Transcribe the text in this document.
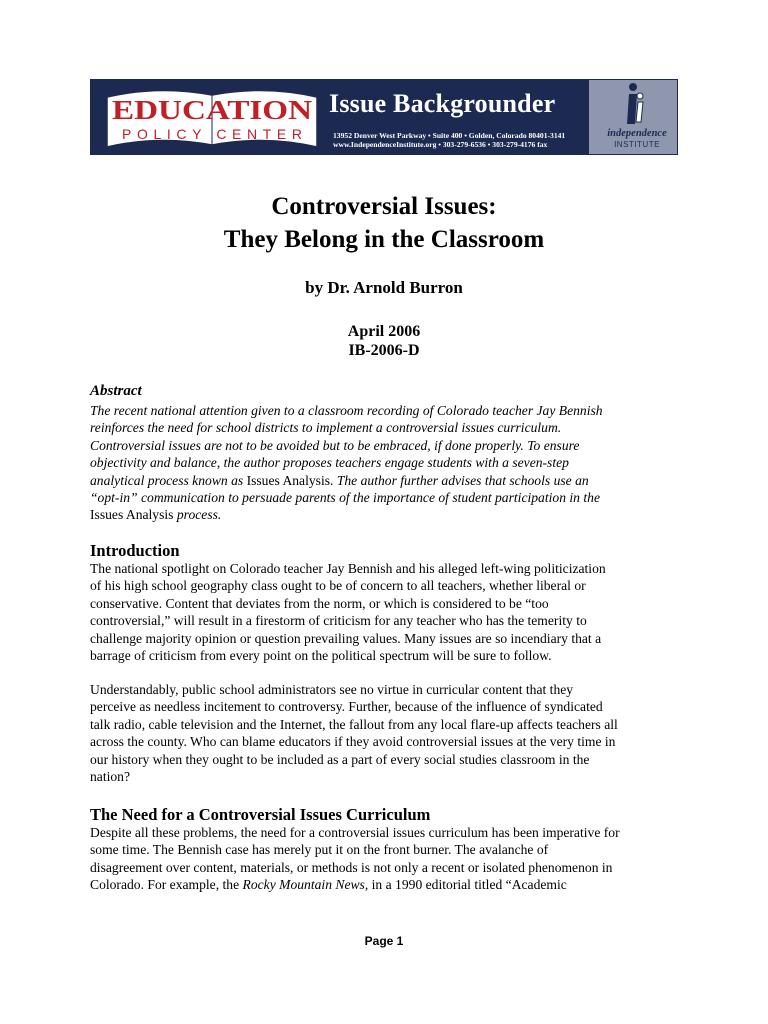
EDUCATION
POLICY CENTER
Issue Backgrounder
13952 Denver West Parkway • Suite 400 • Golden, Colorado 80401-3141
www.IndependenceInstitute.org • 303-279-6536 • 303-279-4176 fax
independence
INSTITUTE
Controversial Issues:
They Belong in the Classroom
by Dr. Arnold Burron
April 2006
IB-2006-D
Abstract
The recent national attention given to a classroom recording of Colorado teacher Jay Bennish
reinforces the need for school districts to implement a controversial issues curriculum.
Controversial issues are not to be avoided but to be embraced, if done properly. To ensure
objectivity and balance, the author proposes teachers engage students with a seven-step
analytical process known as Issues Analysis. The author further advises that schools use an
“opt-in” communication to persuade parents of the importance of student participation in the
Issues Analysis process.
Introduction
The national spotlight on Colorado teacher Jay Bennish and his alleged left-wing politicization
of his high school geography class ought to be of concern to all teachers, whether liberal or
conservative. Content that deviates from the norm, or which is considered to be “too
controversial,” will result in a firestorm of criticism for any teacher who has the temerity to
challenge majority opinion or question prevailing values. Many issues are so incendiary that a
barrage of criticism from every point on the political spectrum will be sure to follow.
Understandably, public school administrators see no virtue in curricular content that they
perceive as needless incitement to controversy. Further, because of the influence of syndicated
talk radio, cable television and the Internet, the fallout from any local flare-up affects teachers all
across the county. Who can blame educators if they avoid controversial issues at the very time in
our history when they ought to be included as a part of every social studies classroom in the
nation?
The Need for a Controversial Issues Curriculum
Despite all these problems, the need for a controversial issues curriculum has been imperative for
some time. The Bennish case has merely put it on the front burner. The avalanche of
disagreement over content, materials, or methods is not only a recent or isolated phenomenon in
Colorado. For example, the Rocky Mountain News, in a 1990 editorial titled “Academic
Page 1
